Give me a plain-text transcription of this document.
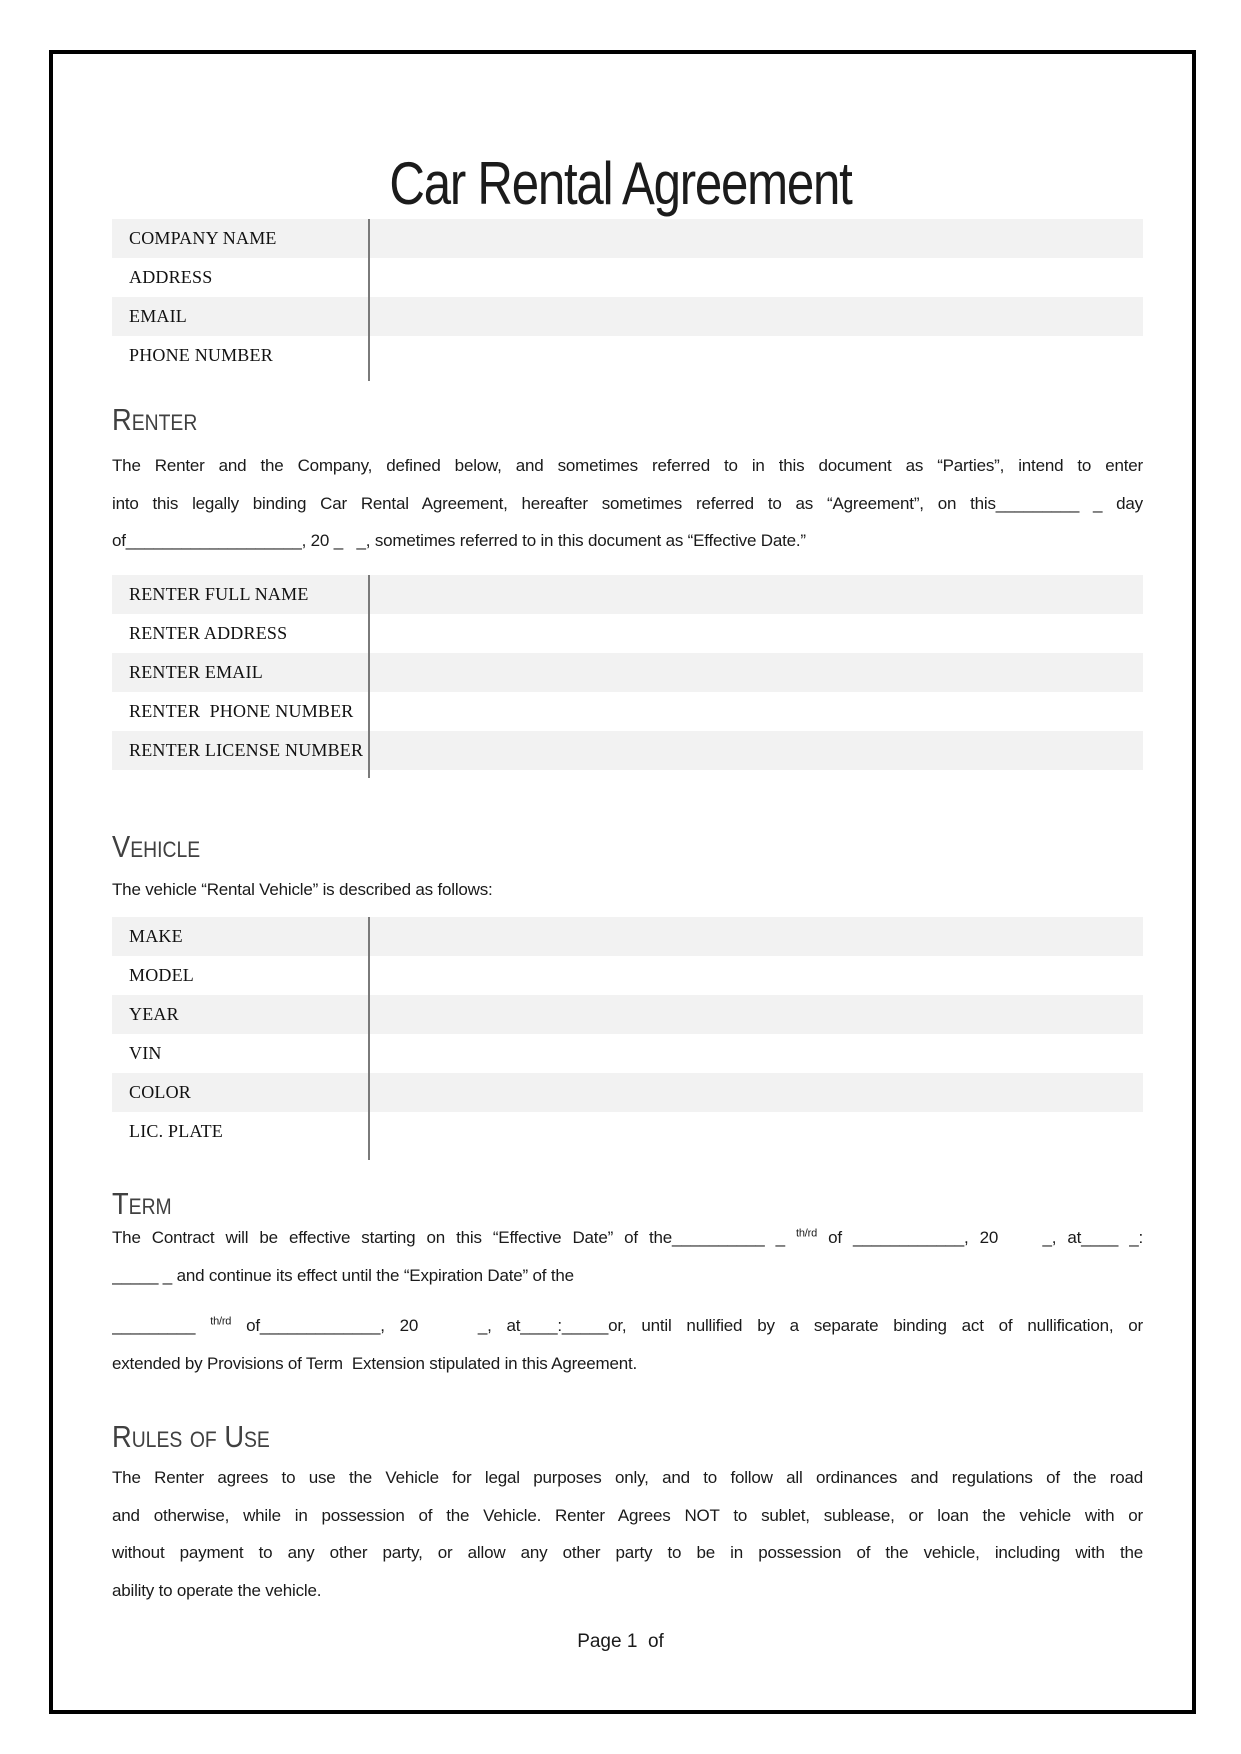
Car Rental Agreement
COMPANY NAME
ADDRESS
EMAIL
PHONE NUMBER
Renter
The Renter and the Company, defined below, and sometimes referred to in this document as “Parties”, intend to enter
into this legally binding Car Rental Agreement, hereafter sometimes referred to as “Agreement”, on this_________ _ day
of___________________, 20 _   _, sometimes referred to in this document as “Effective Date.”
RENTER FULL NAME
RENTER ADDRESS
RENTER EMAIL
RENTER  PHONE NUMBER
RENTER LICENSE NUMBER
Vehicle
The vehicle “Rental Vehicle” is described as follows:
MAKE
MODEL
YEAR
VIN
COLOR
LIC. PLATE
Term
The Contract will be effective starting on this “Effective Date” of the__________ _ $^{th/rd}$ of ____________, 20    _, at____ _:
_____ _ and continue its effect until the “Expiration Date” of the
_________ $^{th/rd}$ of_____________, 20    _, at____:_____or, until nullified by a separate binding act of nullification, or
extended by Provisions of Term  Extension stipulated in this Agreement.
Rules of Use
The Renter agrees to use the Vehicle for legal purposes only, and to follow all ordinances and regulations of the road
and otherwise, while in possession of the Vehicle. Renter Agrees NOT to sublet, sublease, or loan the vehicle with or
without payment to any other party, or allow any other party to be in possession of the vehicle, including with the
ability to operate the vehicle.
Page 1  of
